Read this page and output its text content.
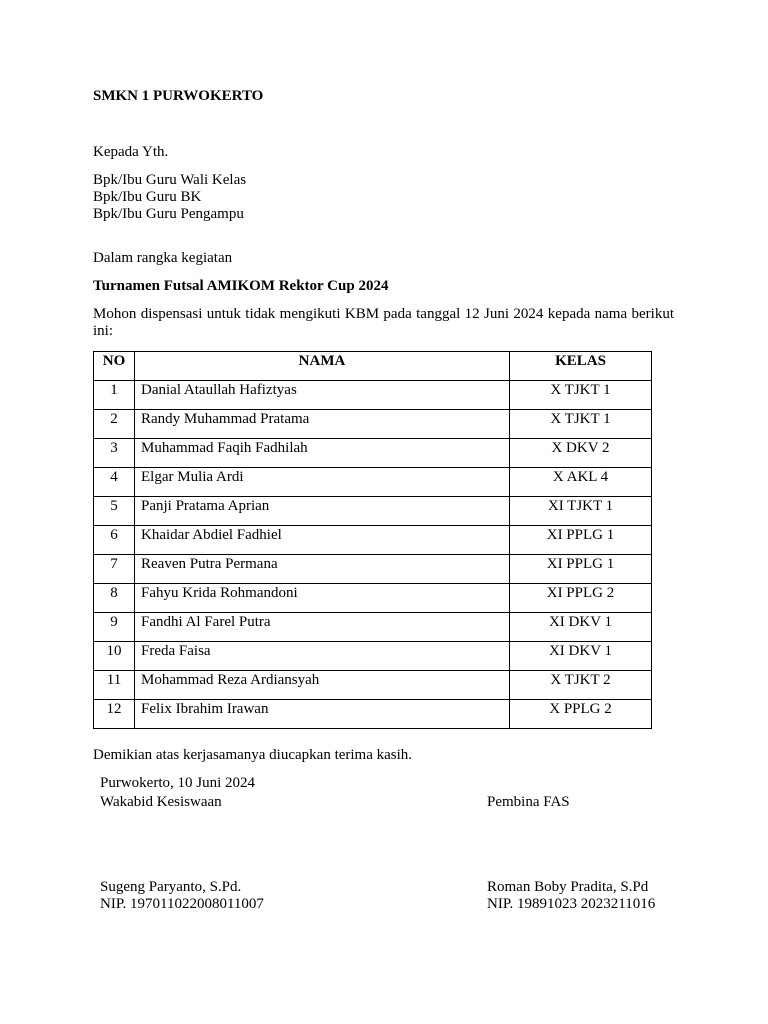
SMKN 1 PURWOKERTO
Kepada Yth.
Bpk/Ibu Guru Wali Kelas
Bpk/Ibu Guru BK
Bpk/Ibu Guru Pengampu
Dalam rangka kegiatan
Turnamen Futsal AMIKOM Rektor Cup 2024
Mohon dispensasi untuk tidak mengikuti KBM pada tanggal 12 Juni 2024 kepada nama berikut ini:
NO	NAMA	KELAS
1	Danial Ataullah Hafiztyas	X TJKT 1
2	Randy Muhammad Pratama	X TJKT 1
3	Muhammad Faqih Fadhilah	X DKV 2
4	Elgar Mulia Ardi	X AKL 4
5	Panji Pratama Aprian	XI TJKT 1
6	Khaidar Abdiel Fadhiel	XI PPLG 1
7	Reaven Putra Permana	XI PPLG 1
8	Fahyu Krida Rohmandoni	XI PPLG 2
9	Fandhi Al Farel Putra	XI DKV 1
10	Freda Faisa	XI DKV 1
11	Mohammad Reza Ardiansyah	X TJKT 2
12	Felix Ibrahim Irawan	X PPLG 2
Demikian atas kerjasamanya diucapkan terima kasih.
Purwokerto, 10 Juni 2024
Wakabid Kesiswaan	Pembina FAS
Sugeng Paryanto, S.Pd.
NIP. 197011022008011007
Roman Boby Pradita, S.Pd
NIP. 19891023 2023211016
